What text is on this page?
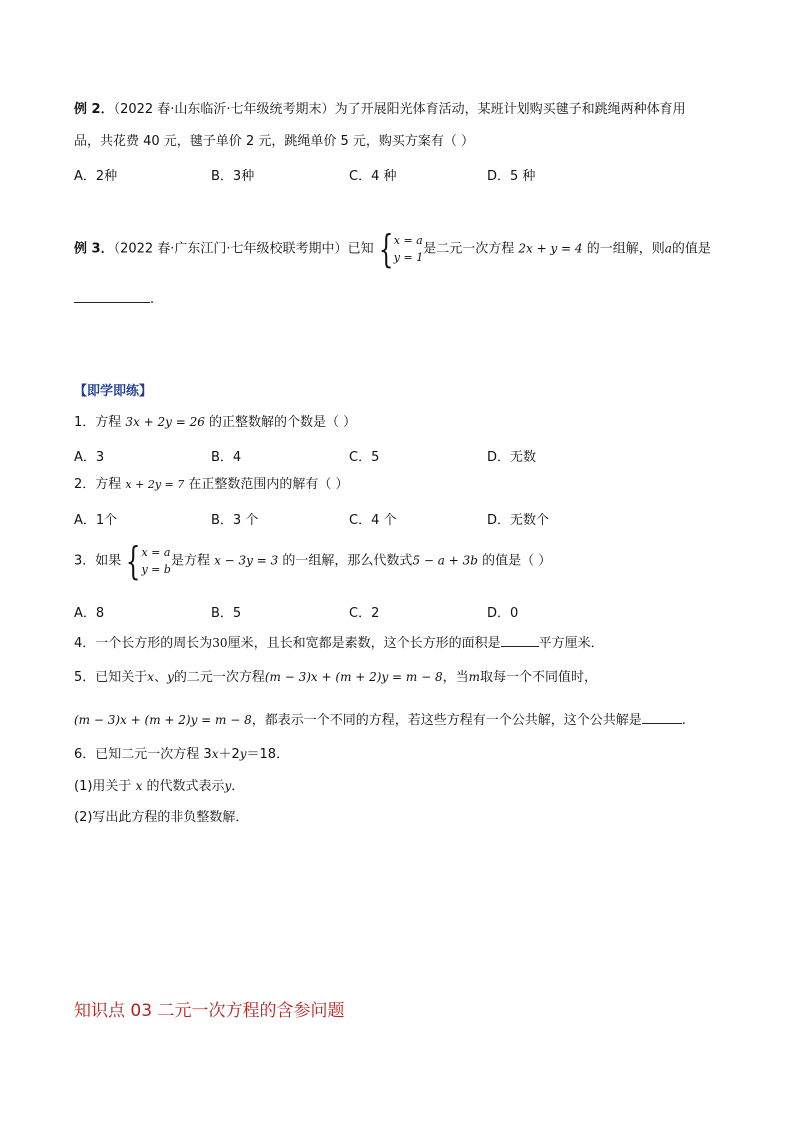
例 2．（2022 春·山东临沂·七年级统考期末）为了开展阳光体育活动，某班计划购买毽子和跳绳两种体育用
品，共花费 40 元，毽子单价 2 元，跳绳单价 5 元，购买方案有（ ）
A．2种	B．3种	C．4 种	D．5 种
例 3．（2022 春·广东江门·七年级校联考期中）已知 {x = a
y = 1是二元一次方程 2x + y = 4 的一组解，则a的值是
.
【即学即练】
1．方程 3x + 2y = 26 的正整数解的个数是（ ）
A．3	B．4	C．5	D．无数
2．方程 x + 2y = 7 在正整数范围内的解有（ ）
A．1个	B．3 个	C．4 个	D．无数个
3．如果 {x = a
y = b是方程 x − 3y = 3 的一组解，那么代数式5 − a + 3b 的值是（ ）
A．8	B．5	C．2	D．0
4．一个长方形的周长为30厘米，且长和宽都是素数，这个长方形的面积是	平方厘米．
5．已知关于x、y的二元一次方程(m − 3)x + (m + 2)y = m − 8，当m取每一个不同值时，
(m − 3)x + (m + 2)y = m − 8，都表示一个不同的方程，若这些方程有一个公共解，这个公共解是	.
6．已知二元一次方程 3x＋2y＝18．
(1)用关于 x 的代数式表示y．
(2)写出此方程的非负整数解．
知识点 03 二元一次方程的含参问题
